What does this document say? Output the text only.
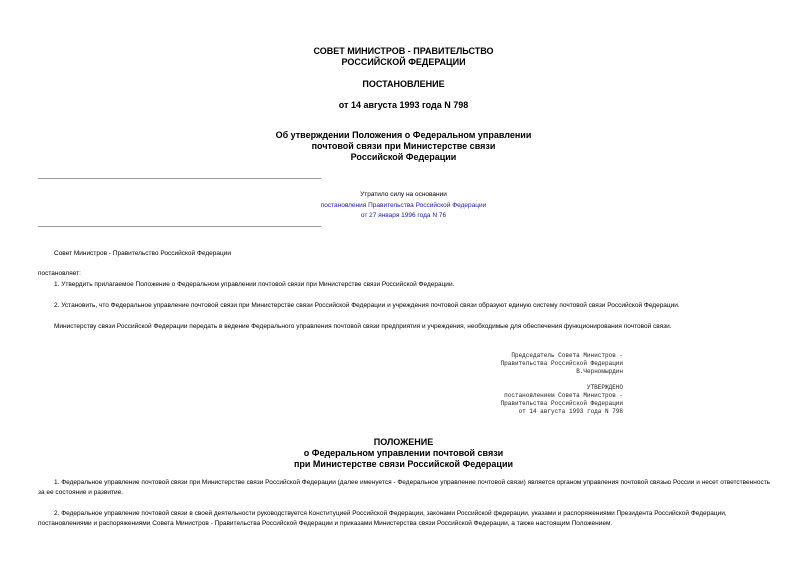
СОВЕТ МИНИСТРОВ - ПРАВИТЕЛЬСТВО
РОССИЙСКОЙ ФЕДЕРАЦИИ
ПОСТАНОВЛЕНИЕ
от 14 августа 1993 года N 798
Об утверждении Положения о Федеральном управлении
почтовой связи при Министерстве связи
Российской Федерации
Утратило силу на основании
постановления Правительства Российской Федерации
от 27 января 1996 года N 76
Совет Министров - Правительство Российской Федерации
постановляет:
1. Утвердить прилагаемое Положение о Федеральном управлении почтовой связи при Министерстве связи Российской Федерации.
2. Установить, что Федеральное управление почтовой связи при Министерстве связи Российской Федерации и учреждения почтовой связи образуют единую систему почтовой связи Российской Федерации.
Министерству связи Российской Федерации передать в ведение Федерального управления почтовой связи предприятия и учреждения, необходимые для обеспечения функционирования почтовой связи.
Председатель Совета Министров -
Правительства Российской Федерации
В.Черномырдин
УТВЕРЖДЕНО
постановлением Совета Министров -
Правительства Российской Федерации
от 14 августа 1993 года N 798
ПОЛОЖЕНИЕ
о Федеральном управлении почтовой связи
при Министерстве связи Российской Федерации
1. Федеральное управление почтовой связи при Министерстве связи Российской Федерации (далее именуется - Федеральное управление почтовой связи) является органом управления почтовой связью России и несет ответственность за ее состояние и развитие.
2. Федеральное управление почтовой связи в своей деятельности руководствуется Конституцией Российской Федерации, законами Российской федерации, указами и распоряжениями Президента Российской Федерации, постановлениями и распоряжениями Совета Министров - Правительства Российской Федерации и приказами Министерства связи Российской Федерации, а также настоящим Положением.
